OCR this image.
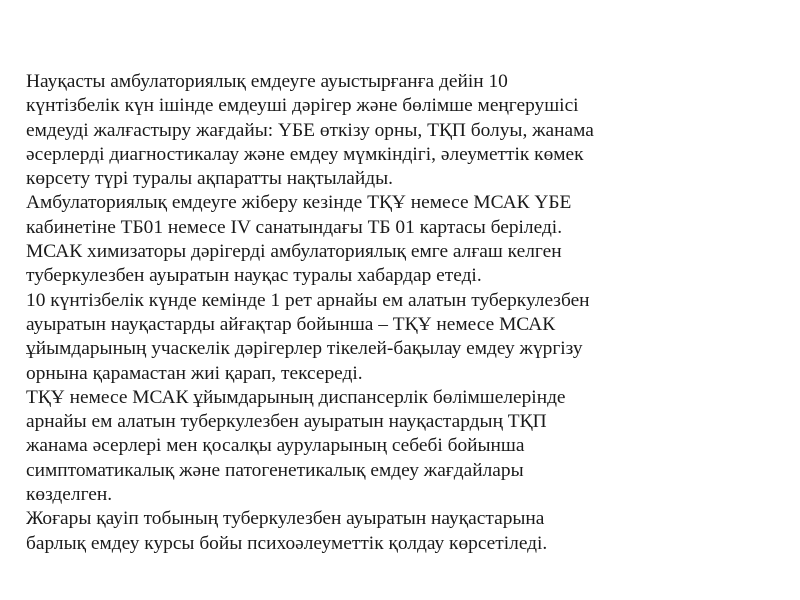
Науқасты амбулаториялық емдеуге ауыстырғанға дейін 10
күнтізбелік күн ішінде емдеуші дәрігер және бөлімше меңгерушісі
емдеуді жалғастыру жағдайы: ҮБЕ өткізу орны, ТҚП болуы, жанама
әсерлерді диагностикалау және емдеу мүмкіндігі, әлеуметтік көмек
көрсету түрі туралы ақпаратты нақтылайды.
Амбулаториялық емдеуге жіберу кезінде ТҚҰ немесе МСАК ҮБЕ
кабинетіне ТБ01 немесе IV санатындағы ТБ 01 картасы беріледі.
МСАК химизаторы дәрігерді амбулаториялық емге алғаш келген
туберкулезбен ауыратын науқас туралы хабардар етеді.
10 күнтізбелік күнде кемінде 1 рет арнайы ем алатын туберкулезбен
ауыратын науқастарды айғақтар бойынша – ТҚҰ немесе МСАК
ұйымдарының учаскелік дәрігерлер тікелей-бақылау емдеу жүргізу
орнына қарамастан жиі қарап, тексереді.
ТҚҰ немесе МСАК ұйымдарының диспансерлік бөлімшелерінде
арнайы ем алатын туберкулезбен ауыратын науқастардың ТҚП
жанама әсерлері мен қосалқы ауруларының себебі бойынша
симптоматикалық және патогенетикалық емдеу жағдайлары
көзделген.
Жоғары қауіп тобының туберкулезбен ауыратын науқастарына
барлық емдеу курсы бойы психоәлеуметтік қолдау көрсетіледі.
